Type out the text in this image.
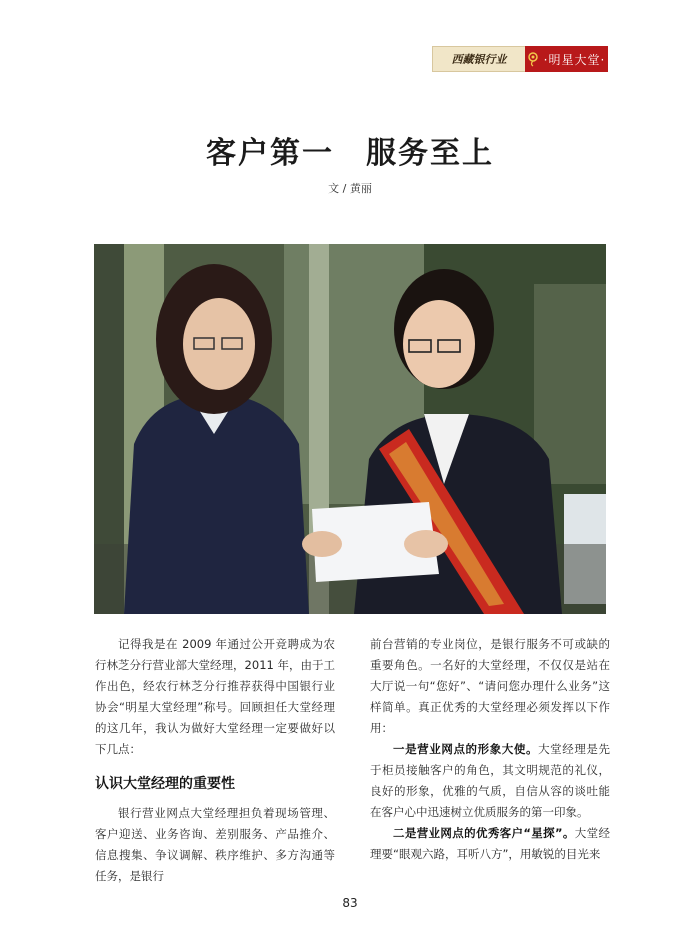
西藏银行业	·明星大堂·
客户第一　服务至上
文 / 黄丽

记得我是在 2009 年通过公开竞聘成为农行林芝分行营业部大堂经理，2011 年，由于工作出色，经农行林芝分行推荐获得中国银行业协会“明星大堂经理”称号。回顾担任大堂经理的这几年，我认为做好大堂经理一定要做好以下几点：

认识大堂经理的重要性

银行营业网点大堂经理担负着现场管理、客户迎送、业务咨询、差别服务、产品推介、信息搜集、争议调解、秩序维护、多方沟通等任务，是银行

前台营销的专业岗位，是银行服务不可或缺的重要角色。一名好的大堂经理，不仅仅是站在大厅说一句“您好”、“请问您办理什么业务”这样简单。真正优秀的大堂经理必须发挥以下作用：

一是营业网点的形象大使。大堂经理是先于柜员接触客户的角色，其文明规范的礼仪，良好的形象，优雅的气质，自信从容的谈吐能在客户心中迅速树立优质服务的第一印象。

二是营业网点的优秀客户“星探”。大堂经理要“眼观六路，耳听八方”，用敏锐的目光来

83
